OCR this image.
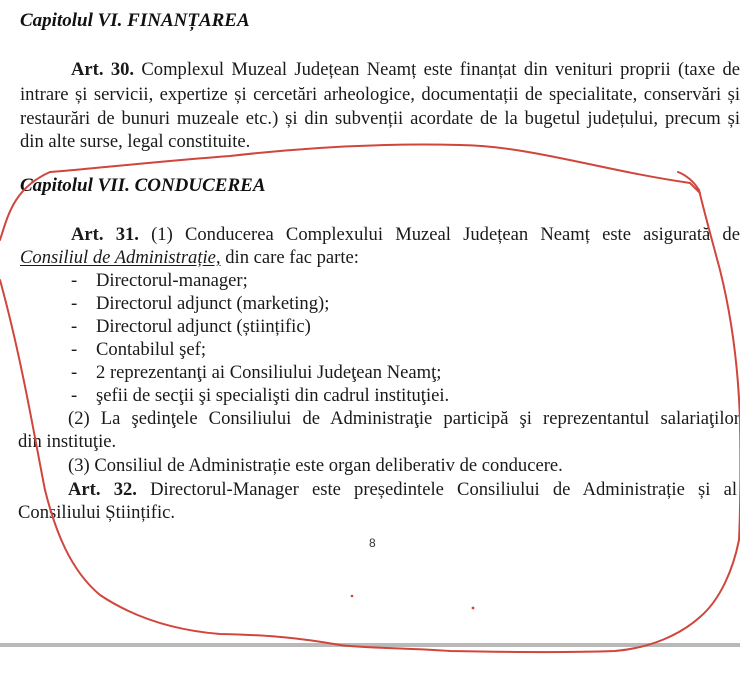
Capitolul VI. FINANȚAREA
Art. 30. Complexul Muzeal Județean Neamț este finanțat din venituri proprii (taxe de
intrare și servicii, expertize și cercetări arheologice, documentații de specialitate, conservări și
restaurări de bunuri muzeale etc.) și din subvenții acordate de la bugetul județului, precum și
din alte surse, legal constituite.
Capitolul VII. CONDUCEREA
Art. 31. (1) Conducerea Complexului Muzeal Județean Neamț este asigurată de
Consiliul de Administrație, din care fac parte:
-	Directorul-manager;
-	Directorul adjunct (marketing);
-	Directorul adjunct (științific)
-	Contabilul şef;
-	2 reprezentanţi ai Consiliului Judeţean Neamţ;
-	şefii de secţii şi specialişti din cadrul instituţiei.
(2) La şedinţele Consiliului de Administraţie participă şi reprezentantul salariaţilor
din instituţie.
(3) Consiliul de Administrație este organ deliberativ de conducere.
Art. 32. Directorul-Manager este președintele Consiliului de Administrație și al
Consiliului Științific.
8
